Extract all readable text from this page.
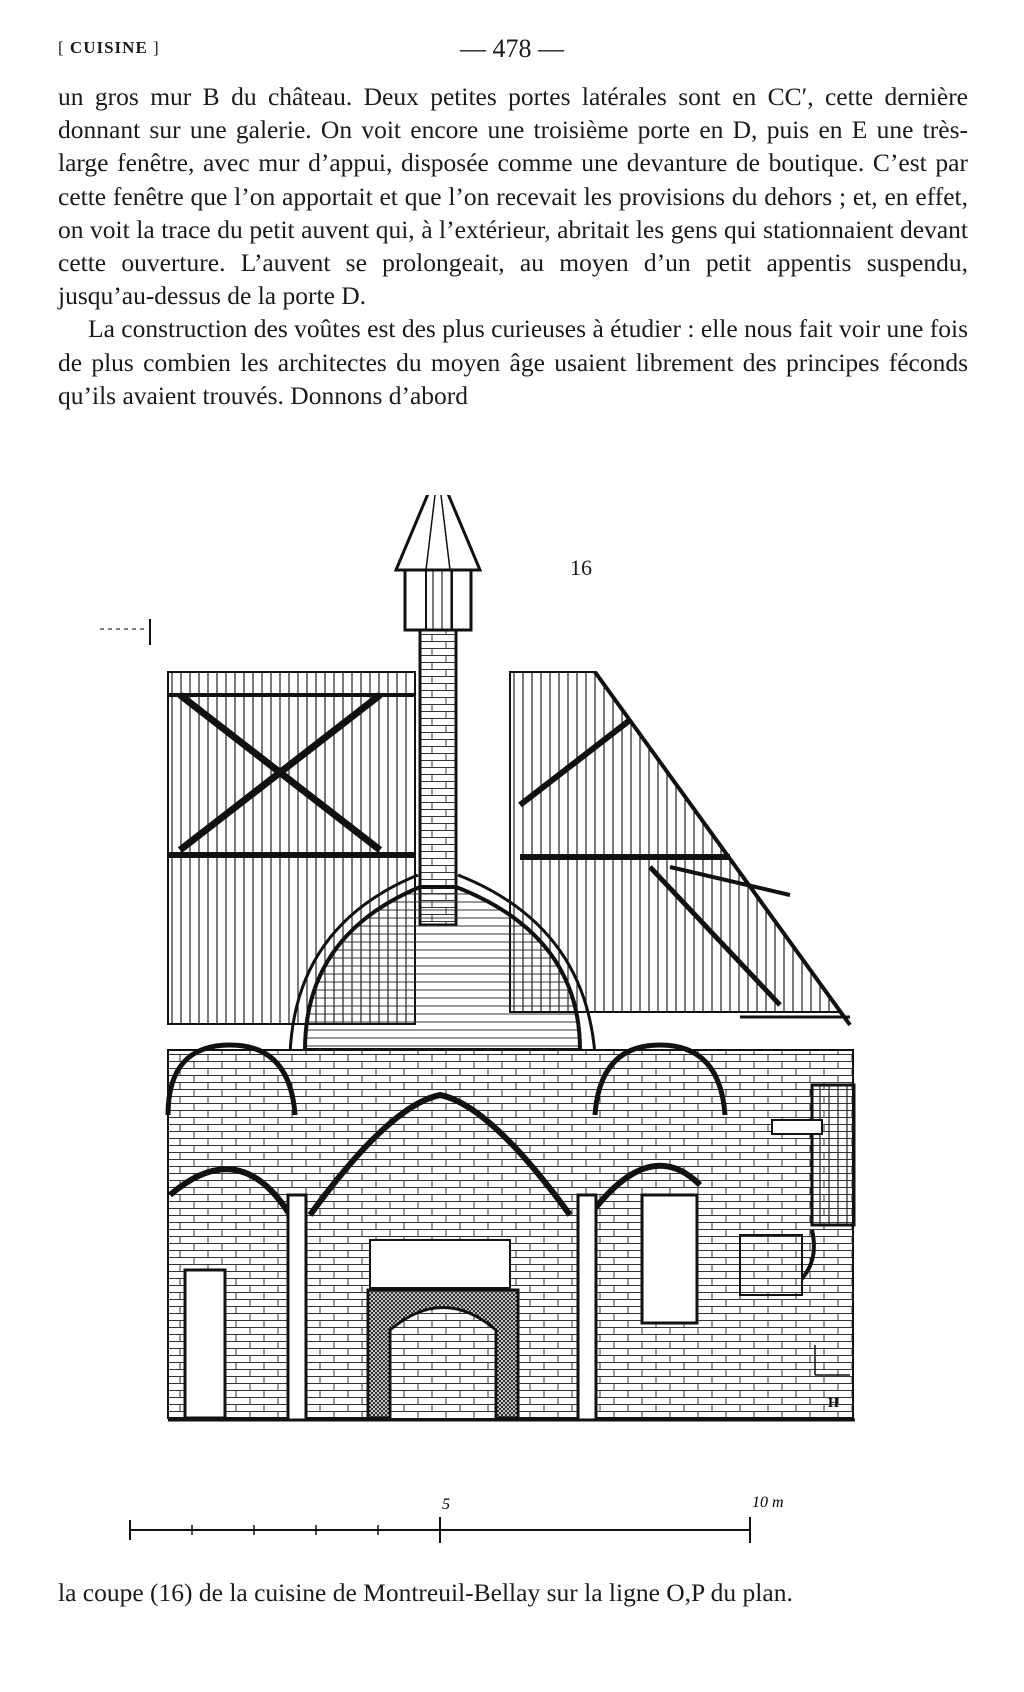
[ CUISINE ]	— 478 —

un gros mur B du château. Deux petites portes latérales sont en CC′, cette dernière donnant sur une galerie. On voit encore une troisième porte en D, puis en E une très-large fenêtre, avec mur d’appui, disposée comme une devanture de boutique. C’est par cette fenêtre que l’on apportait et que l’on recevait les provisions du dehors ; et, en effet, on voit la trace du petit auvent qui, à l’extérieur, abritait les gens qui stationnaient devant cette ouverture. L’auvent se prolongeait, au moyen d’un petit appentis suspendu, jusqu’au-dessus de la porte D.

La construction des voûtes est des plus curieuses à étudier : elle nous fait voir une fois de plus combien les architectes du moyen âge usaient librement des principes féconds qu’ils avaient trouvés. Donnons d’abord

16
H
5	10 m

la coupe (16) de la cuisine de Montreuil-Bellay sur la ligne O,P du plan.
